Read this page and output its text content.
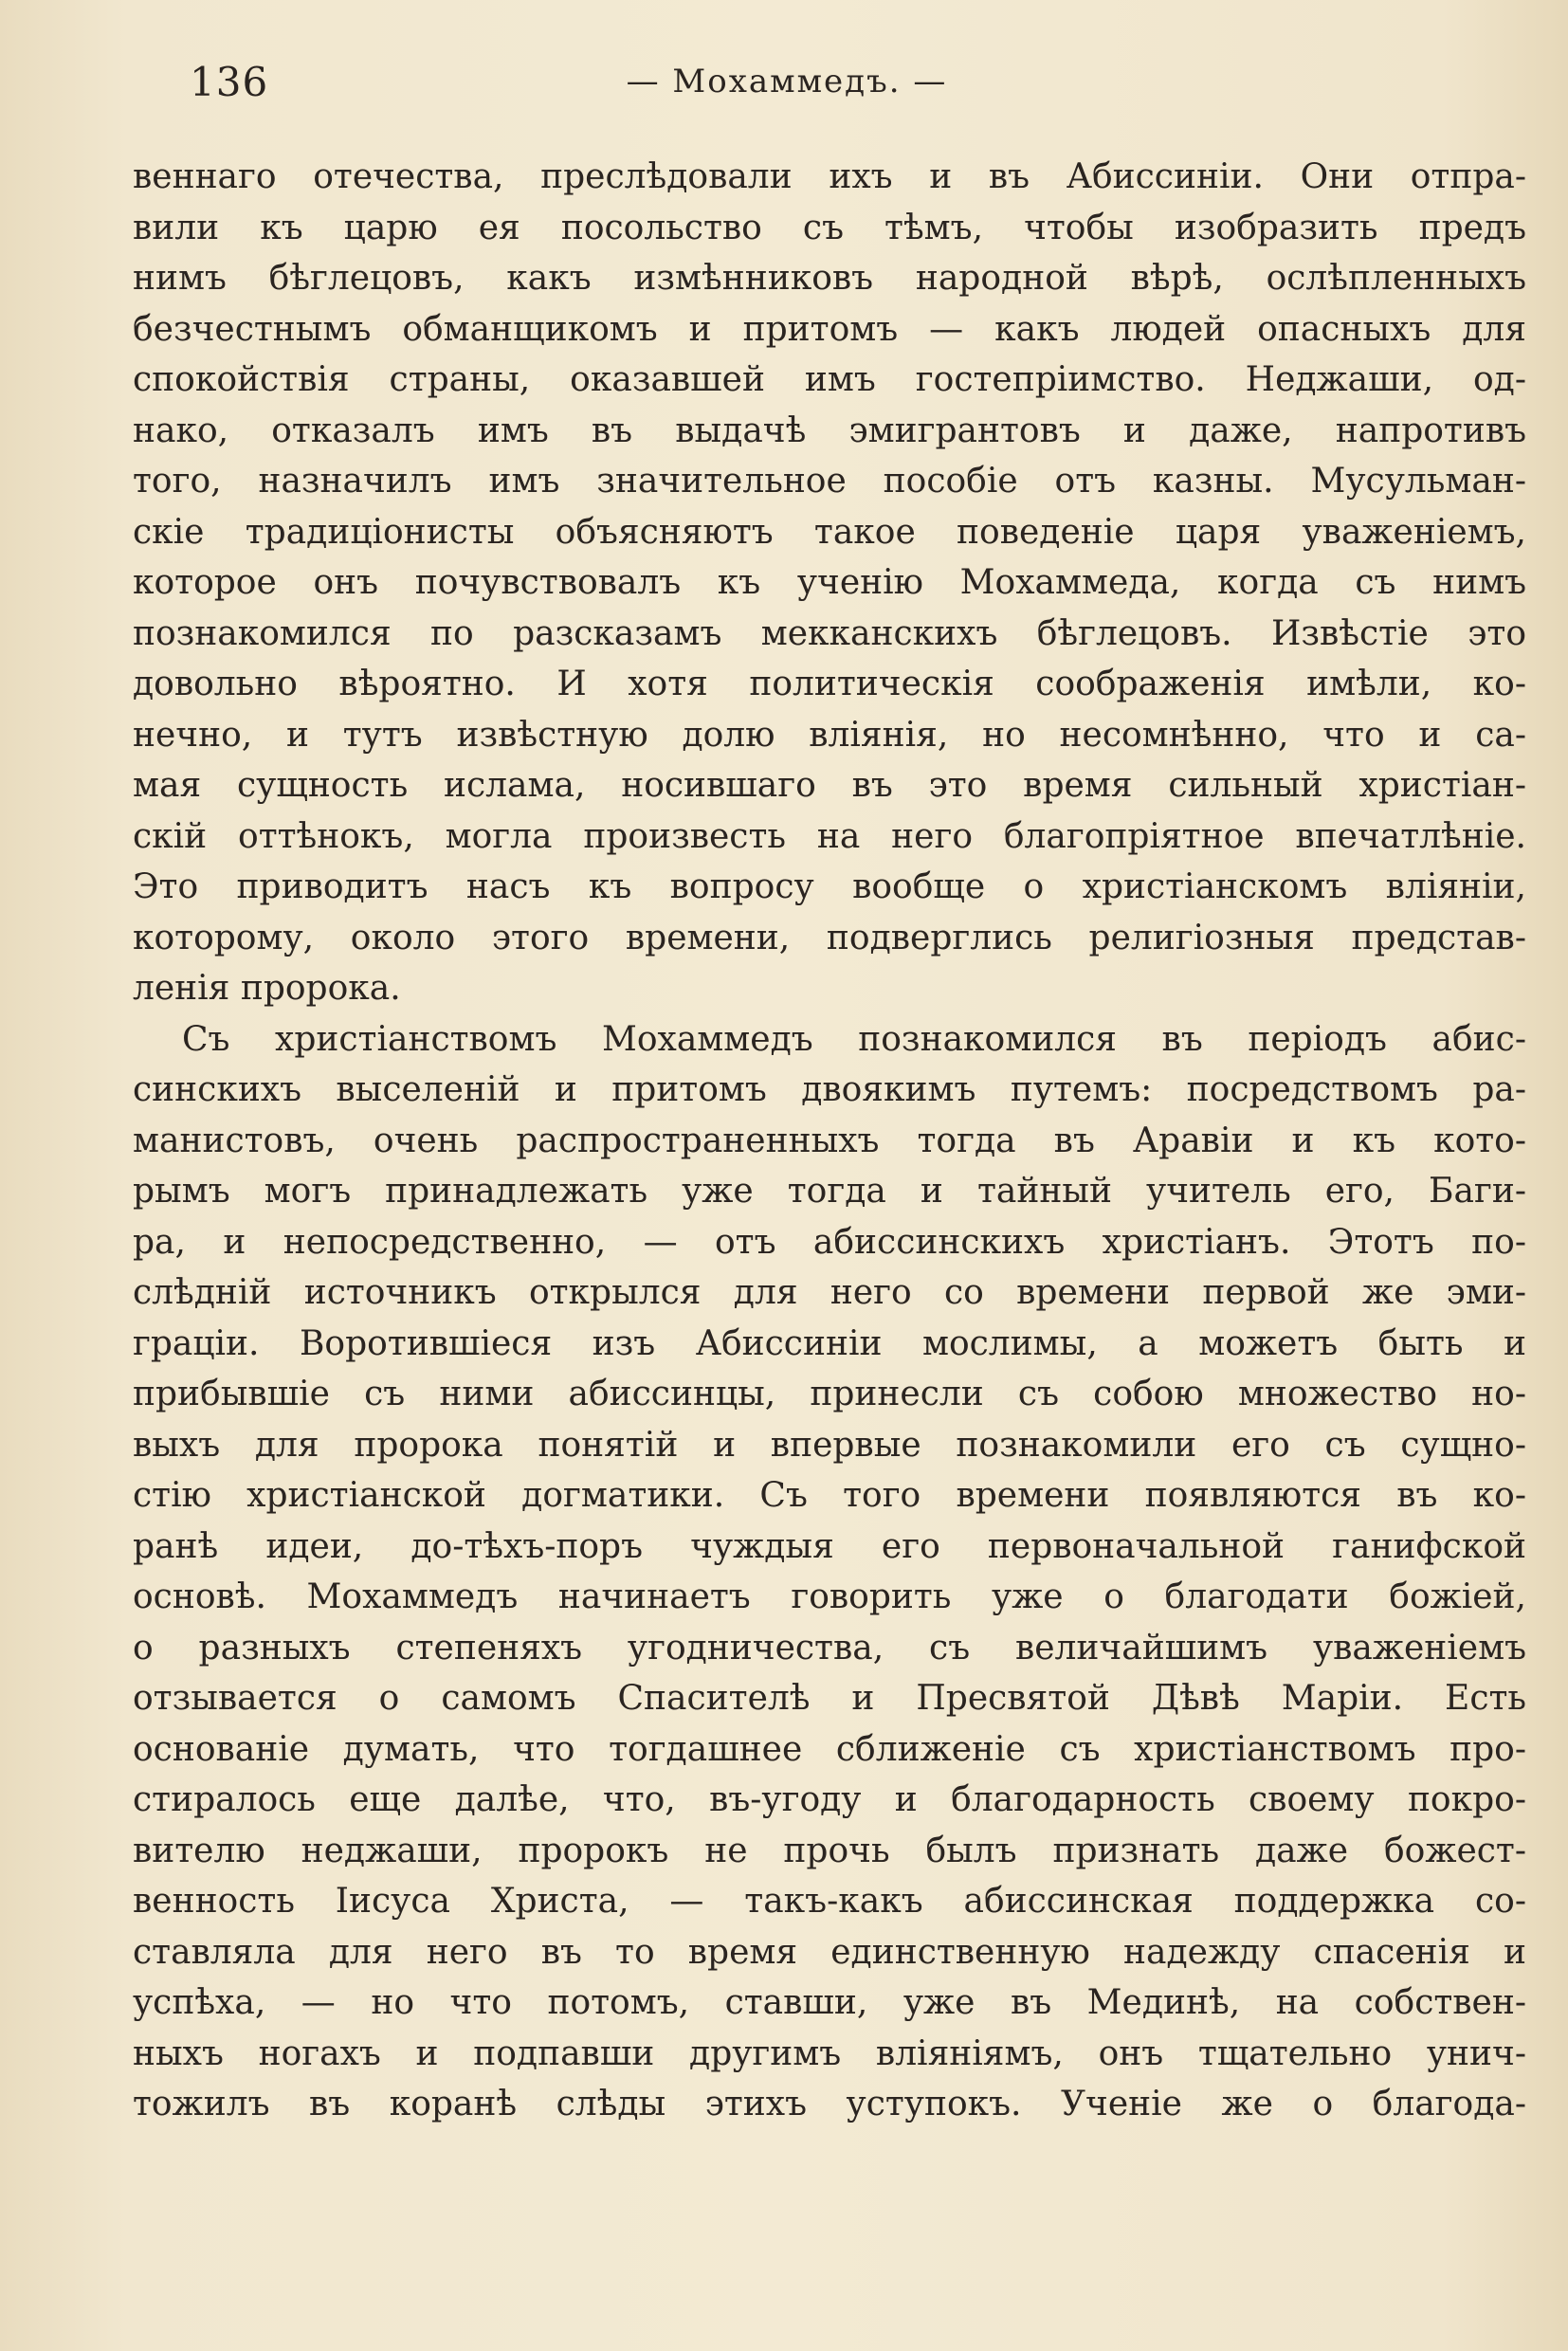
136	— Мохаммедъ. —
веннаго отечества, преслѣдовали ихъ и въ Абиссиніи. Они отпра-
вили къ царю ея посольство съ тѣмъ, чтобы изобразить предъ
нимъ бѣглецовъ, какъ измѣнниковъ народной вѣрѣ, ослѣпленныхъ
безчестнымъ обманщикомъ и притомъ — какъ людей опасныхъ для
спокойствія страны, оказавшей имъ гостепріимство. Неджаши, од-
нако, отказалъ имъ въ выдачѣ эмигрантовъ и даже, напротивъ
того, назначилъ имъ значительное пособіе отъ казны. Мусульман-
скіе традиціонисты объясняютъ такое поведеніе царя уваженіемъ,
которое онъ почувствовалъ къ ученію Мохаммеда, когда съ нимъ
познакомился по разсказамъ мекканскихъ бѣглецовъ. Извѣстіе это
довольно вѣроятно. И хотя политическія соображенія имѣли, ко-
нечно, и тутъ извѣстную долю вліянія, но несомнѣнно, что и са-
мая сущность ислама, носившаго въ это время сильный христіан-
скій оттѣнокъ, могла произвесть на него благопріятное впечатлѣніе.
Это приводитъ насъ къ вопросу вообще о христіанскомъ вліяніи,
которому, около этого времени, подверглись религіозныя представ-
ленія пророка.
Съ христіанствомъ Мохаммедъ познакомился въ періодъ абис-
синскихъ выселеній и притомъ двоякимъ путемъ: посредствомъ ра-
манистовъ, очень распространенныхъ тогда въ Аравіи и къ кото-
рымъ могъ принадлежать уже тогда и тайный учитель его, Баги-
ра, и непосредственно, — отъ абиссинскихъ христіанъ. Этотъ по-
слѣдній источникъ открылся для него со времени первой же эми-
граціи. Воротившіеся изъ Абиссиніи мослимы, а можетъ быть и
прибывшіе съ ними абиссинцы, принесли съ собою множество но-
выхъ для пророка понятій и впервые познакомили его съ сущно-
стію христіанской догматики. Съ того времени появляются въ ко-
ранѣ идеи, до-тѣхъ-поръ чуждыя его первоначальной ганифской
основѣ. Мохаммедъ начинаетъ говорить уже о благодати божіей,
о разныхъ степеняхъ угодничества, съ величайшимъ уваженіемъ
отзывается о самомъ Спасителѣ и Пресвятой Дѣвѣ Маріи. Есть
основаніе думать, что тогдашнее сближеніе съ христіанствомъ про-
стиралось еще далѣе, что, въ-угоду и благодарность своему покро-
вителю неджаши, пророкъ не прочь былъ признать даже божест-
венность Іисуса Христа, — такъ-какъ абиссинская поддержка со-
ставляла для него въ то время единственную надежду спасенія и
успѣха, — но что потомъ, ставши, уже въ Мединѣ, на собствен-
ныхъ ногахъ и подпавши другимъ вліяніямъ, онъ тщательно унич-
тожилъ въ коранѣ слѣды этихъ уступокъ. Ученіе же о благода-
